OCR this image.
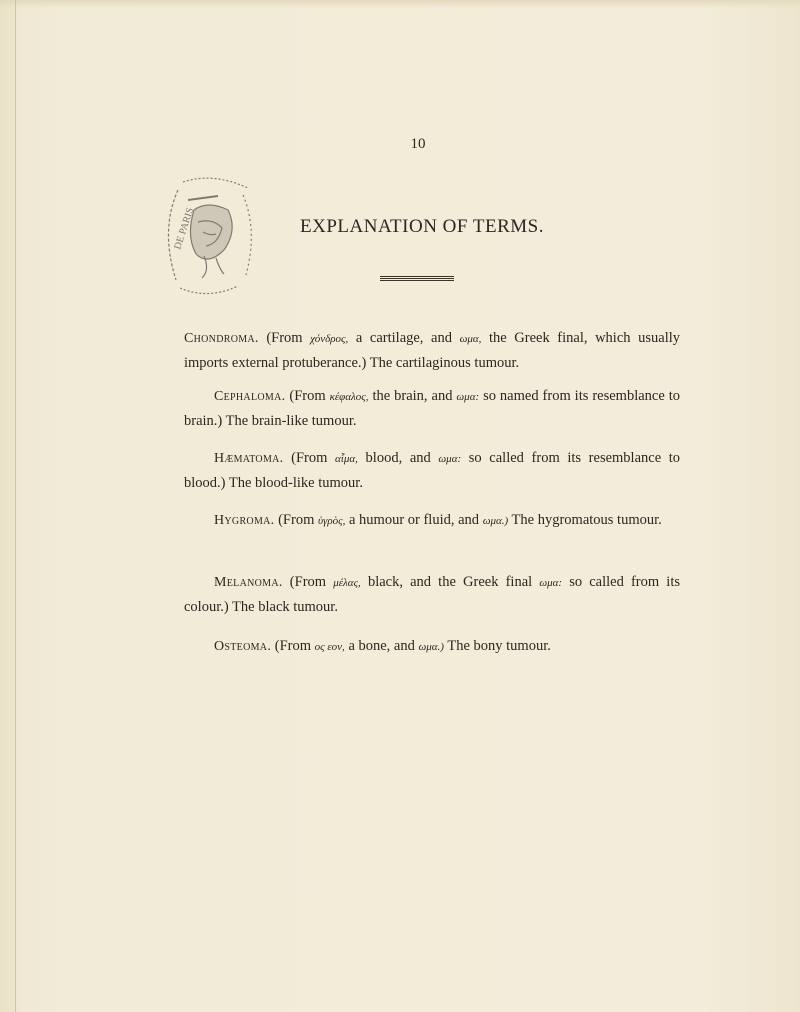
10
DE PARIS	EXPLANATION OF TERMS.
Chondroma. (From χόνδρος, a cartilage, and ωμα, the Greek final, which usually imports external protuberance.) The cartilaginous tumour.
Cephaloma. (From κέφαλος, the brain, and ωμα: so named from its resemblance to brain.) The brain-like tumour.
Hæmatoma. (From αἷμα, blood, and ωμα: so called from its resemblance to blood.) The blood-like tumour.
Hygroma. (From ὑγρὸς, a humour or fluid, and ωμα.) The hygromatous tumour.
Melanoma. (From μέλας, black, and the Greek final ωμα: so called from its colour.) The black tumour.
Osteoma. (From ος εον, a bone, and ωμα.) The bony tumour.
